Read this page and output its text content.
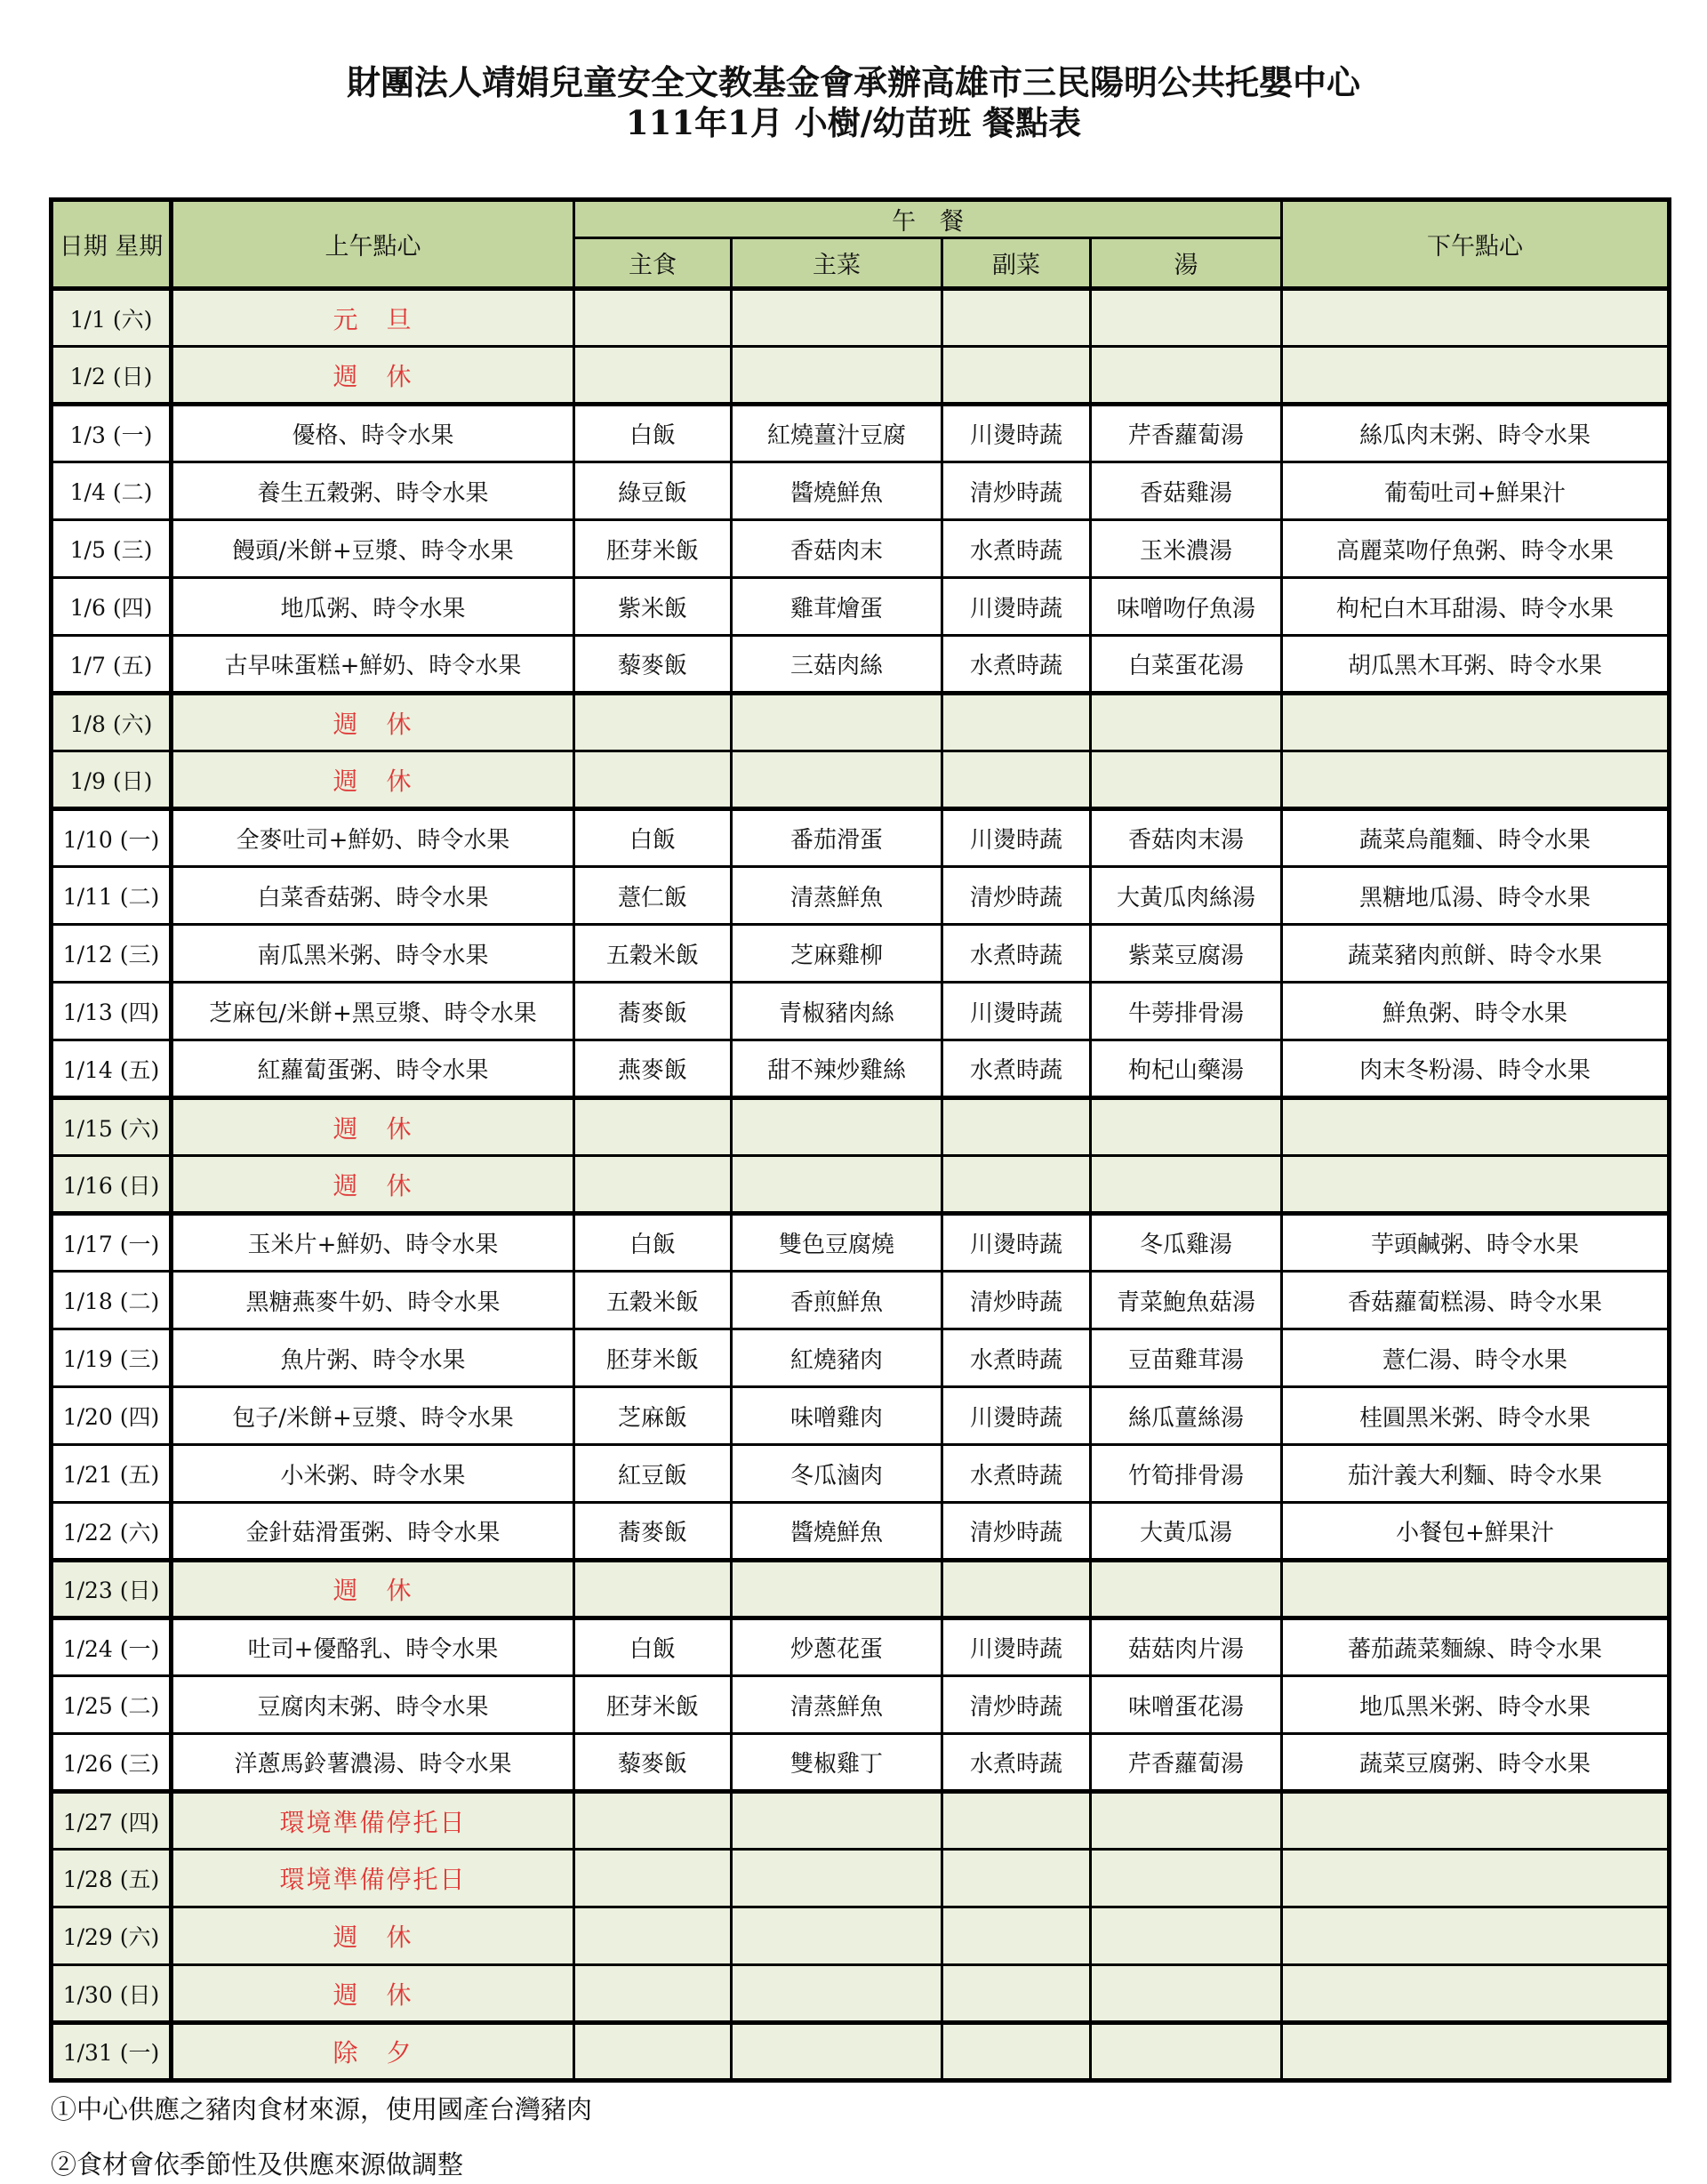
財團法人靖娟兒童安全文教基金會承辦高雄市三民陽明公共托嬰中心
111年1月 小樹/幼苗班 餐點表
日期 星期	上午點心	午　餐				下午點心
		主食	主菜	副菜	湯	
1/1 (六)	元　旦					
1/2 (日)	週　休					
1/3 (一)	優格、時令水果	白飯	紅燒薑汁豆腐	川燙時蔬	芹香蘿蔔湯	絲瓜肉末粥、時令水果
1/4 (二)	養生五穀粥、時令水果	綠豆飯	醬燒鮮魚	清炒時蔬	香菇雞湯	葡萄吐司+鮮果汁
1/5 (三)	饅頭/米餅+豆漿、時令水果	胚芽米飯	香菇肉末	水煮時蔬	玉米濃湯	高麗菜吻仔魚粥、時令水果
1/6 (四)	地瓜粥、時令水果	紫米飯	雞茸燴蛋	川燙時蔬	味噌吻仔魚湯	枸杞白木耳甜湯、時令水果
1/7 (五)	古早味蛋糕+鮮奶、時令水果	藜麥飯	三菇肉絲	水煮時蔬	白菜蛋花湯	胡瓜黑木耳粥、時令水果
1/8 (六)	週　休					
1/9 (日)	週　休					
1/10 (一)	全麥吐司+鮮奶、時令水果	白飯	番茄滑蛋	川燙時蔬	香菇肉末湯	蔬菜烏龍麵、時令水果
1/11 (二)	白菜香菇粥、時令水果	薏仁飯	清蒸鮮魚	清炒時蔬	大黃瓜肉絲湯	黑糖地瓜湯、時令水果
1/12 (三)	南瓜黑米粥、時令水果	五穀米飯	芝麻雞柳	水煮時蔬	紫菜豆腐湯	蔬菜豬肉煎餅、時令水果
1/13 (四)	芝麻包/米餅+黑豆漿、時令水果	蕎麥飯	青椒豬肉絲	川燙時蔬	牛蒡排骨湯	鮮魚粥、時令水果
1/14 (五)	紅蘿蔔蛋粥、時令水果	燕麥飯	甜不辣炒雞絲	水煮時蔬	枸杞山藥湯	肉末冬粉湯、時令水果
1/15 (六)	週　休					
1/16 (日)	週　休					
1/17 (一)	玉米片+鮮奶、時令水果	白飯	雙色豆腐燒	川燙時蔬	冬瓜雞湯	芋頭鹹粥、時令水果
1/18 (二)	黑糖燕麥牛奶、時令水果	五穀米飯	香煎鮮魚	清炒時蔬	青菜鮑魚菇湯	香菇蘿蔔糕湯、時令水果
1/19 (三)	魚片粥、時令水果	胚芽米飯	紅燒豬肉	水煮時蔬	豆苗雞茸湯	薏仁湯、時令水果
1/20 (四)	包子/米餅+豆漿、時令水果	芝麻飯	味噌雞肉	川燙時蔬	絲瓜薑絲湯	桂圓黑米粥、時令水果
1/21 (五)	小米粥、時令水果	紅豆飯	冬瓜滷肉	水煮時蔬	竹筍排骨湯	茄汁義大利麵、時令水果
1/22 (六)	金針菇滑蛋粥、時令水果	蕎麥飯	醬燒鮮魚	清炒時蔬	大黃瓜湯	小餐包+鮮果汁
1/23 (日)	週　休					
1/24 (一)	吐司+優酪乳、時令水果	白飯	炒蔥花蛋	川燙時蔬	菇菇肉片湯	蕃茄蔬菜麵線、時令水果
1/25 (二)	豆腐肉末粥、時令水果	胚芽米飯	清蒸鮮魚	清炒時蔬	味噌蛋花湯	地瓜黑米粥、時令水果
1/26 (三)	洋蔥馬鈴薯濃湯、時令水果	藜麥飯	雙椒雞丁	水煮時蔬	芹香蘿蔔湯	蔬菜豆腐粥、時令水果
1/27 (四)	環境準備停托日					
1/28 (五)	環境準備停托日					
1/29 (六)	週　休					
1/30 (日)	週　休					
1/31 (一)	除　夕					
①中心供應之豬肉食材來源，使用國產台灣豬肉
②食材會依季節性及供應來源做調整
